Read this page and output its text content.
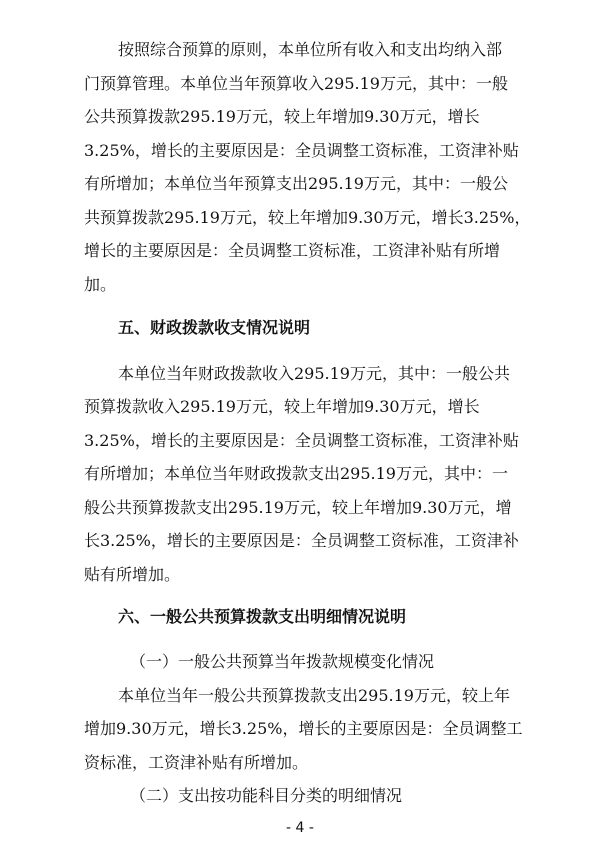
按照综合预算的原则，本单位所有收入和支出均纳入部
门预算管理。本单位当年预算收入295.19万元，其中：一般
公共预算拨款295.19万元，较上年增加9.30万元，增长
3.25%，增长的主要原因是：全员调整工资标准，工资津补贴
有所增加；本单位当年预算支出295.19万元，其中：一般公
共预算拨款295.19万元，较上年增加9.30万元，增长3.25%，
增长的主要原因是：全员调整工资标准，工资津补贴有所增
加。
五、财政拨款收支情况说明
本单位当年财政拨款收入295.19万元，其中：一般公共
预算拨款收入295.19万元，较上年增加9.30万元，增长
3.25%，增长的主要原因是：全员调整工资标准，工资津补贴
有所增加；本单位当年财政拨款支出295.19万元，其中：一
般公共预算拨款支出295.19万元，较上年增加9.30万元，增
长3.25%，增长的主要原因是：全员调整工资标准，工资津补
贴有所增加。
六、一般公共预算拨款支出明细情况说明
（一）一般公共预算当年拨款规模变化情况
本单位当年一般公共预算拨款支出295.19万元，较上年
增加9.30万元，增长3.25%，增长的主要原因是：全员调整工
资标准，工资津补贴有所增加。
（二）支出按功能科目分类的明细情况
- 4 -
